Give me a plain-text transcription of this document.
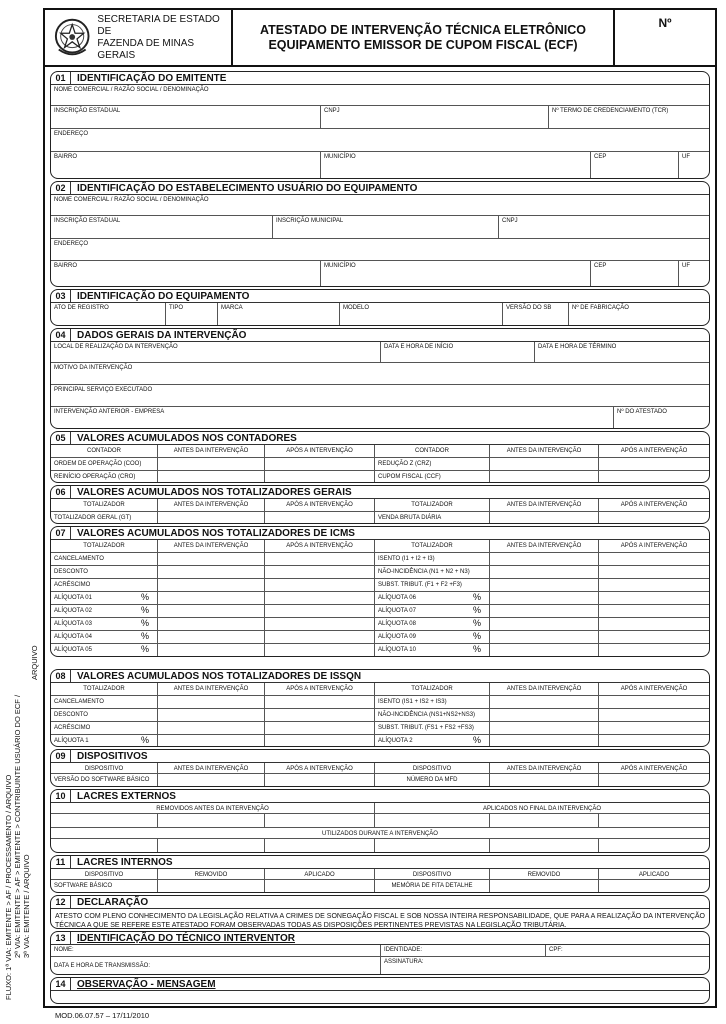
SECRETARIA DE ESTADO DE
FAZENDA DE MINAS GERAIS
ATESTADO DE INTERVENÇÃO TÉCNICA ELETRÔNICO
EQUIPAMENTO EMISSOR DE CUPOM FISCAL (ECF)
Nº
01	IDENTIFICAÇÃO DO EMITENTE
NOME COMERCIAL / RAZÃO SOCIAL / DENOMINAÇÃO
INSCRIÇÃO ESTADUAL	CNPJ	Nº TERMO DE CREDENCIAMENTO (TCR)
ENDEREÇO
BAIRRO	MUNICÍPIO	CEP	UF
02	IDENTIFICAÇÃO DO ESTABELECIMENTO USUÁRIO DO EQUIPAMENTO
NOME COMERCIAL / RAZÃO SOCIAL / DENOMINAÇÃO
INSCRIÇÃO ESTADUAL	INSCRIÇÃO MUNICIPAL	CNPJ
ENDEREÇO
BAIRRO	MUNICÍPIO	CEP	UF
03	IDENTIFICAÇÃO DO EQUIPAMENTO
ATO DE REGISTRO	TIPO	MARCA	MODELO	VERSÃO DO SB	Nº DE FABRICAÇÃO
04	DADOS GERAIS DA INTERVENÇÃO
LOCAL DE REALIZAÇÃO DA INTERVENÇÃO	DATA E HORA DE INÍCIO	DATA E HORA DE TÉRMINO
MOTIVO DA INTERVENÇÃO
PRINCIPAL SERVIÇO EXECUTADO
INTERVENÇÃO ANTERIOR - EMPRESA	Nº DO ATESTADO
05	VALORES ACUMULADOS NOS CONTADORES
CONTADOR	ANTES DA INTERVENÇÃO	APÓS A INTERVENÇÃO	CONTADOR	ANTES DA INTERVENÇÃO	APÓS A INTERVENÇÃO
ORDEM DE OPERAÇÃO (COO)	REDUÇÃO Z (CRZ)
REINÍCIO OPERAÇÃO (CRO)	CUPOM FISCAL (CCF)
06	VALORES ACUMULADOS NOS TOTALIZADORES GERAIS
TOTALIZADOR	ANTES DA INTERVENÇÃO	APÓS A INTERVENÇÃO	TOTALIZADOR	ANTES DA INTERVENÇÃO	APÓS A INTERVENÇÃO
TOTALIZADOR GERAL (GT)	VENDA BRUTA DIÁRIA
07	VALORES ACUMULADOS NOS TOTALIZADORES DE ICMS
TOTALIZADOR	ANTES DA INTERVENÇÃO	APÓS A INTERVENÇÃO	TOTALIZADOR	ANTES DA INTERVENÇÃO	APÓS A INTERVENÇÃO
CANCELAMENTO	ISENTO (I1 + I2 + I3)
DESCONTO	NÃO-INCIDÊNCIA (N1 + N2 + N3)
ACRÉSCIMO	SUBST. TRIBUT. (F1 + F2 +F3)
ALÍQUOTA 01	%	ALÍQUOTA 06	%
ALÍQUOTA 02	%	ALÍQUOTA 07	%
ALÍQUOTA 03	%	ALÍQUOTA 08	%
ALÍQUOTA 04	%	ALÍQUOTA 09	%
ALÍQUOTA 05	%	ALÍQUOTA 10	%
08	VALORES ACUMULADOS NOS TOTALIZADORES DE ISSQN
TOTALIZADOR	ANTES DA INTERVENÇÃO	APÓS A INTERVENÇÃO	TOTALIZADOR	ANTES DA INTERVENÇÃO	APÓS A INTERVENÇÃO
CANCELAMENTO	ISENTO (IS1 + IS2 + IS3)
DESCONTO	NÃO-INCIDÊNCIA (NS1+NS2+NS3)
ACRÉSCIMO	SUBST. TRIBUT. (FS1 + FS2 +FS3)
ALÍQUOTA 1	%	ALÍQUOTA 2	%
09	DISPOSITIVOS
DISPOSITIVO	ANTES DA INTERVENÇÃO	APÓS A INTERVENÇÃO	DISPOSITIVO	ANTES DA INTERVENÇÃO	APÓS A INTERVENÇÃO
VERSÃO DO SOFTWARE BÁSICO	NÚMERO DA MFD
10	LACRES EXTERNOS
REMOVIDOS ANTES DA INTERVENÇÃO	APLICADOS NO FINAL DA INTERVENÇÃO
UTILIZADOS DURANTE A INTERVENÇÃO
11	LACRES INTERNOS
DISPOSITIVO	REMOVIDO	APLICADO	DISPOSITIVO	REMOVIDO	APLICADO
SOFTWARE BÁSICO	MEMÓRIA DE FITA DETALHE
12	DECLARAÇÃO
ATESTO COM PLENO CONHECIMENTO DA LEGISLAÇÃO RELATIVA A CRIMES DE SONEGAÇÃO FISCAL E SOB NOSSA INTEIRA RESPONSABILIDADE, QUE PARA A REALIZAÇÃO DA INTERVENÇÃO TÉCNICA A QUE SE REFERE ESTE ATESTADO FORAM OBSERVADAS TODAS AS DISPOSIÇÕES PERTINENTES PREVISTAS NA LEGISLAÇÃO TRIBUTÁRIA.
13	IDENTIFICAÇÃO DO TÉCNICO INTERVENTOR
NOME:	IDENTIDADE:	CPF:
DATA E HORA DE TRANSMISSÃO:
ASSINATURA:
14	OBSERVAÇÃO - MENSAGEM
MOD.06.07.57 – 17/11/2010
FLUXO: 1ª VIA: EMITENTE > AF / PROCESSAMENTO / ARQUIVO 2ª VIA: EMITENTE > AF > EMITENTE > CONTRIBUINTE USUÁRIO DO ECF / 3ª VIA: EMITENTE / ARQUIVO
ARQUIVO
